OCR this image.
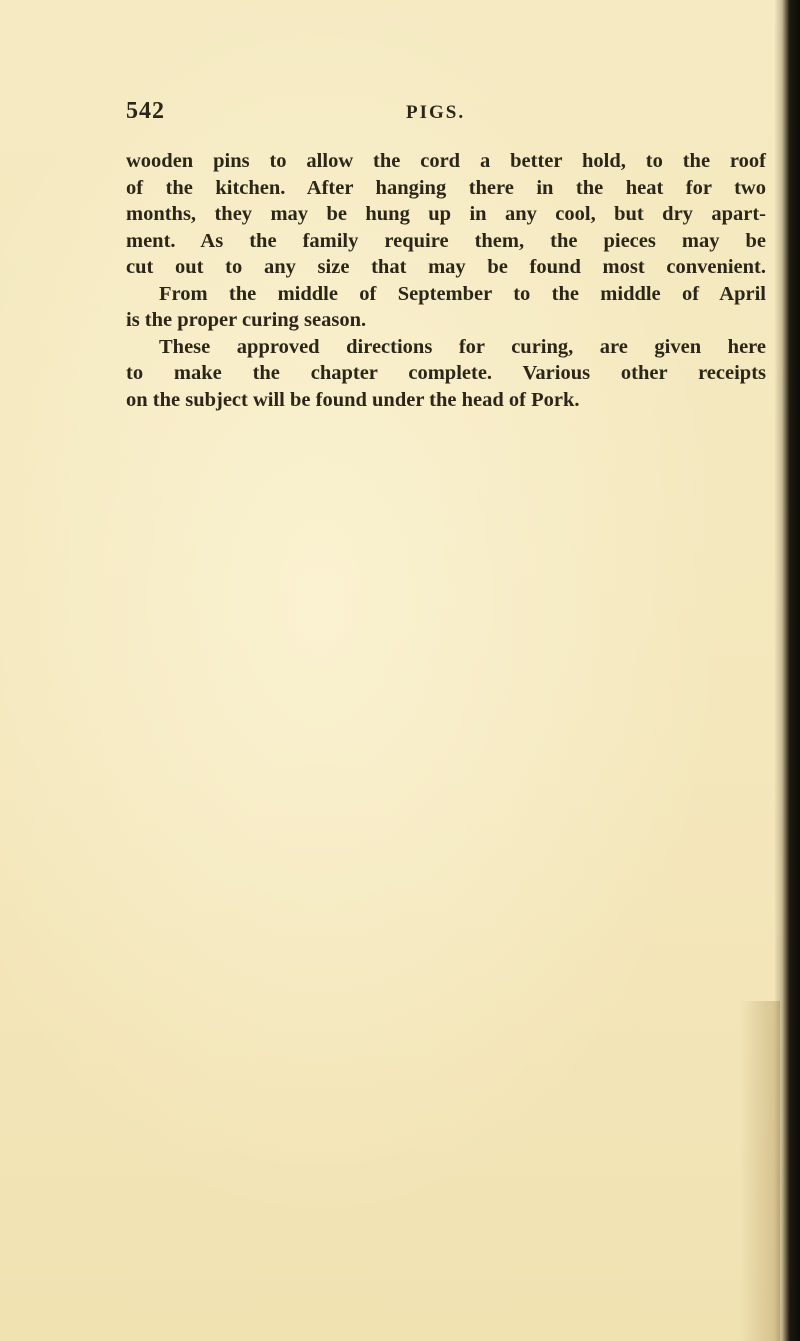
542	PIGS.
wooden pins to allow the cord a better hold, to the roof
of the kitchen. After hanging there in the heat for two
months, they may be hung up in any cool, but dry apart-
ment. As the family require them, the pieces may be
cut out to any size that may be found most convenient.
From the middle of September to the middle of April
is the proper curing season.
These approved directions for curing, are given here
to make the chapter complete. Various other receipts
on the subject will be found under the head of Pork.
